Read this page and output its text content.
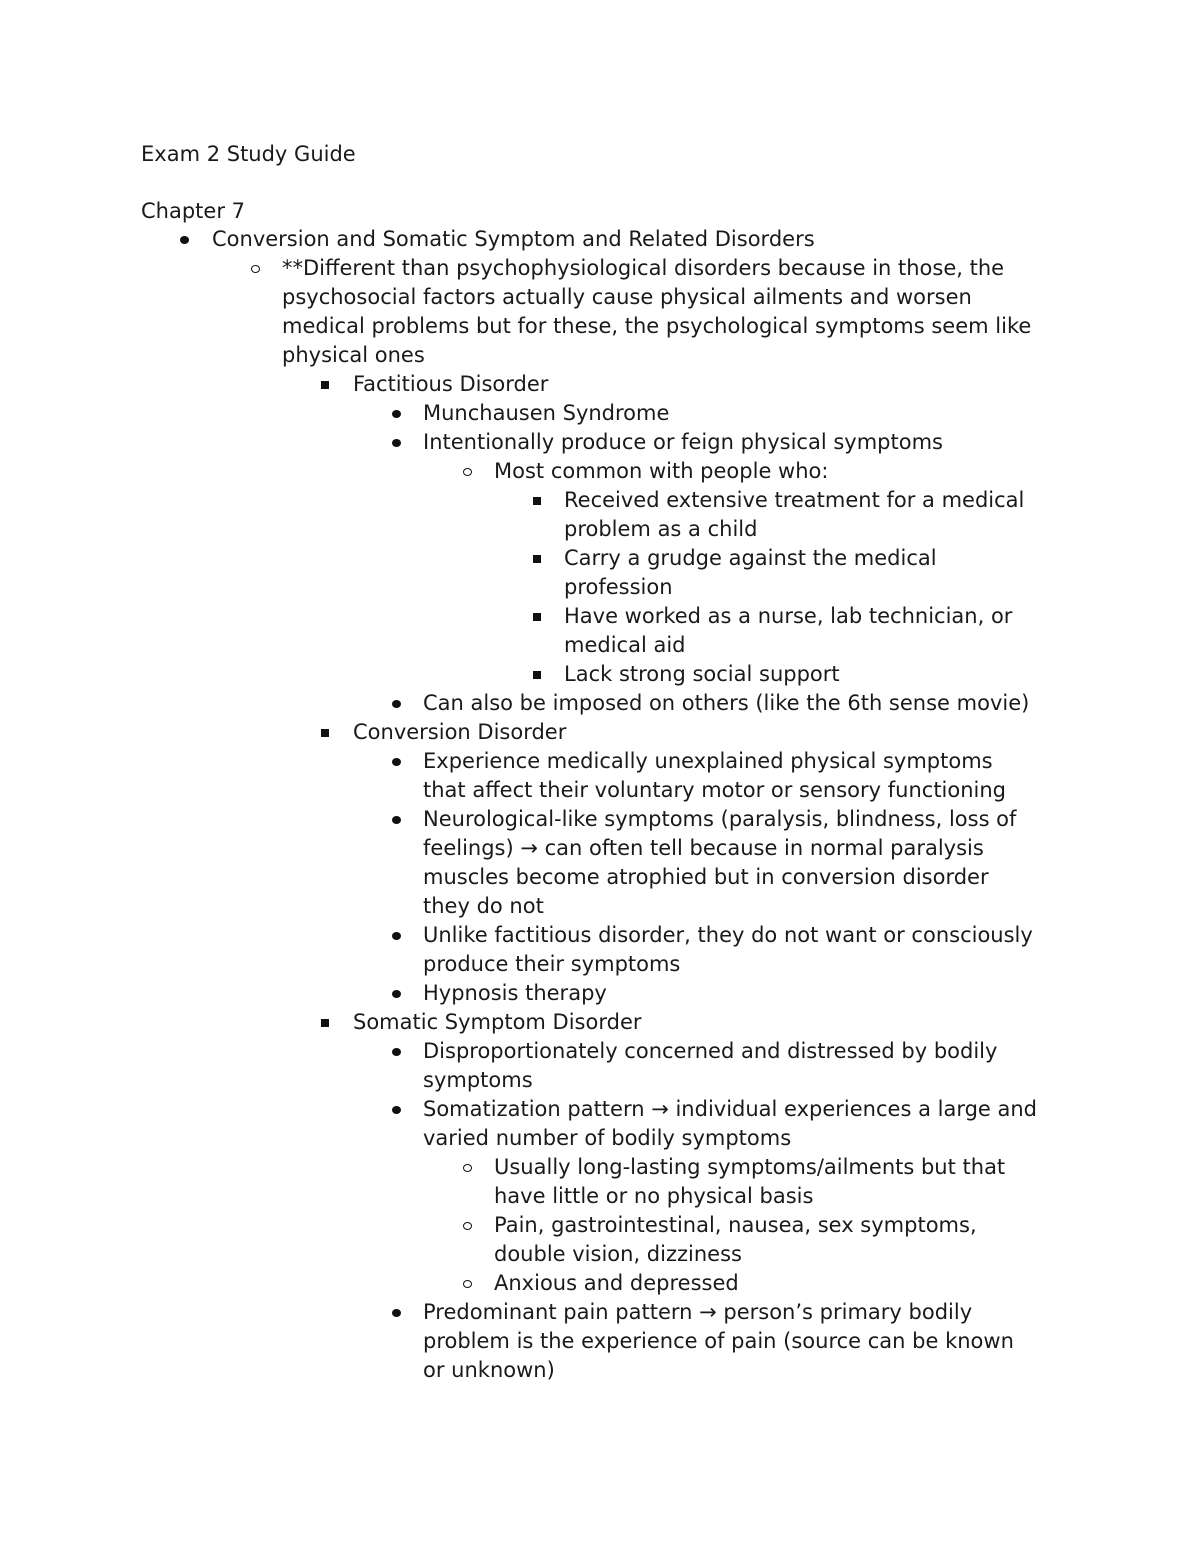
Exam 2 Study Guide
Chapter 7
Conversion and Somatic Symptom and Related Disorders
**Different than psychophysiological disorders because in those, the
psychosocial factors actually cause physical ailments and worsen
medical problems but for these, the psychological symptoms seem like
physical ones
Factitious Disorder
Munchausen Syndrome
Intentionally produce or feign physical symptoms
Most common with people who:
Received extensive treatment for a medical
problem as a child
Carry a grudge against the medical
profession
Have worked as a nurse, lab technician, or
medical aid
Lack strong social support
Can also be imposed on others (like the 6th sense movie)
Conversion Disorder
Experience medically unexplained physical symptoms
that affect their voluntary motor or sensory functioning
Neurological-like symptoms (paralysis, blindness, loss of
feelings) → can often tell because in normal paralysis
muscles become atrophied but in conversion disorder
they do not
Unlike factitious disorder, they do not want or consciously
produce their symptoms
Hypnosis therapy
Somatic Symptom Disorder
Disproportionately concerned and distressed by bodily
symptoms
Somatization pattern → individual experiences a large and
varied number of bodily symptoms
Usually long-lasting symptoms/ailments but that
have little or no physical basis
Pain, gastrointestinal, nausea, sex symptoms,
double vision, dizziness
Anxious and depressed
Predominant pain pattern → person’s primary bodily
problem is the experience of pain (source can be known
or unknown)
